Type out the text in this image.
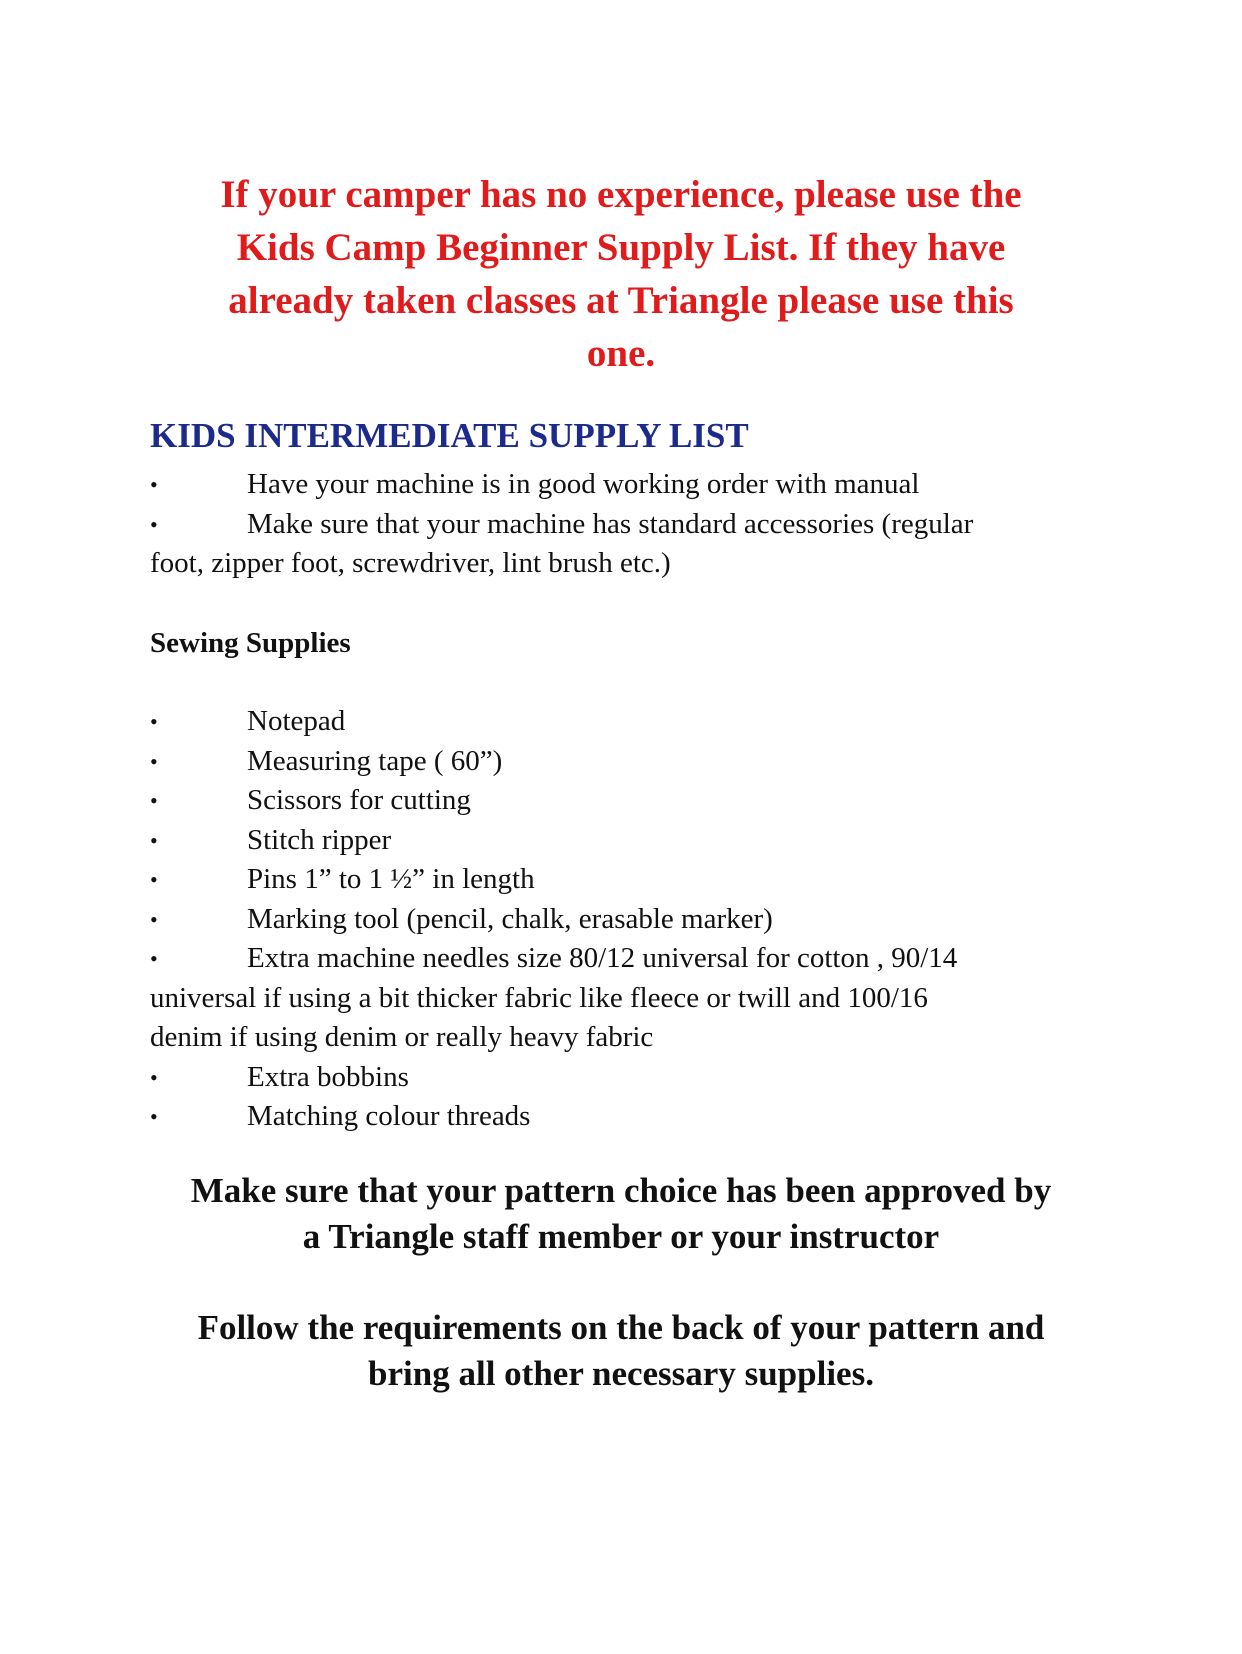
If your camper has no experience, please use the
Kids Camp Beginner Supply List. If they have
already taken classes at Triangle please use this
one.
KIDS INTERMEDIATE SUPPLY LIST
•	Have your machine is in good working order with manual
•	Make sure that your machine has standard accessories (regular
foot, zipper foot, screwdriver, lint brush etc.)
Sewing Supplies
•	Notepad
•	Measuring tape ( 60”)
•	Scissors for cutting
•	Stitch ripper
•	Pins 1” to 1 ½” in length
•	Marking tool (pencil, chalk, erasable marker)
•	Extra machine needles size 80/12 universal for cotton , 90/14
universal if using a bit thicker fabric like fleece or twill and 100/16
denim if using denim or really heavy fabric
•	Extra bobbins
•	Matching colour threads
Make sure that your pattern choice has been approved by
a Triangle staff member or your instructor
Follow the requirements on the back of your pattern and
bring all other necessary supplies.
